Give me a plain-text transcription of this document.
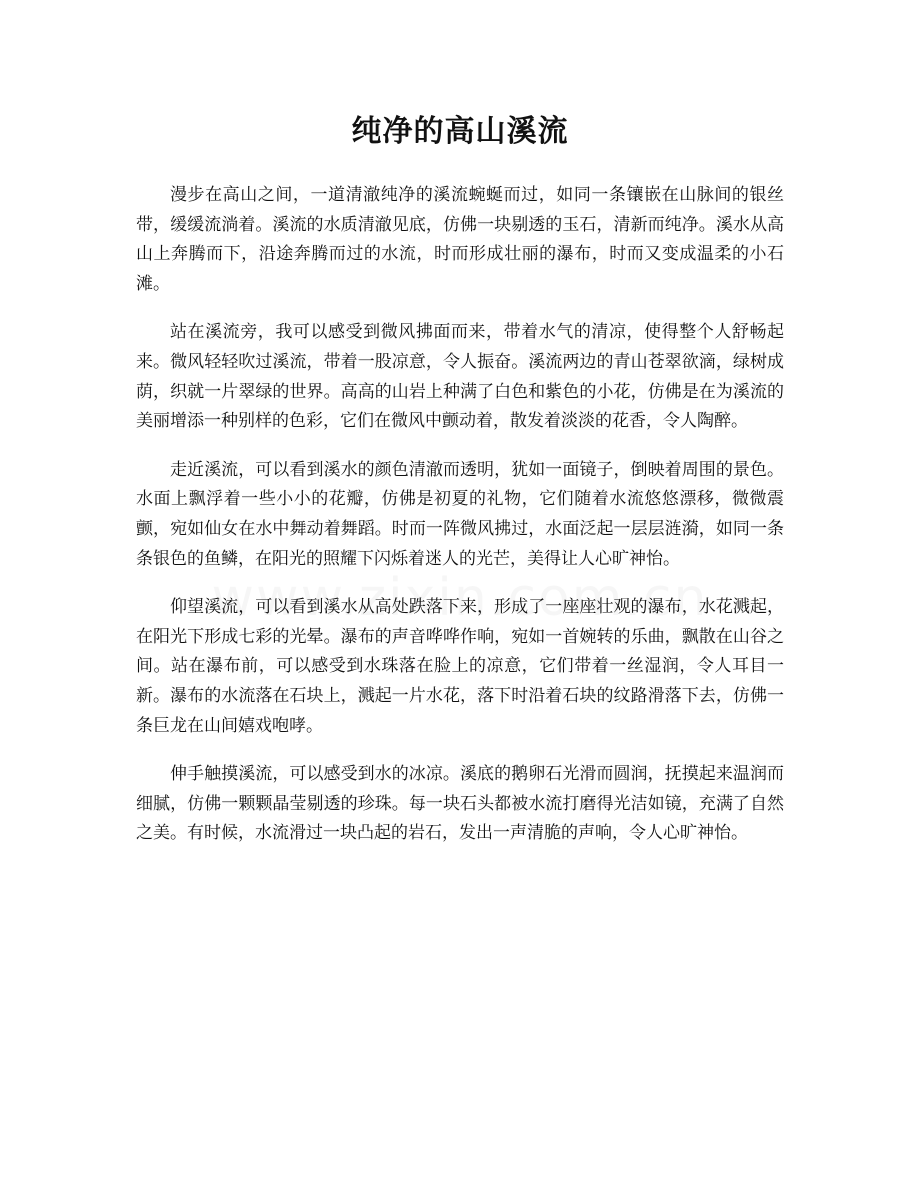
纯净的高山溪流

漫步在高山之间，一道清澈纯净的溪流蜿蜒而过，如同一条镶嵌在山脉间的银丝带，缓缓流淌着。溪流的水质清澈见底，仿佛一块剔透的玉石，清新而纯净。溪水从高山上奔腾而下，沿途奔腾而过的水流，时而形成壮丽的瀑布，时而又变成温柔的小石滩。

站在溪流旁，我可以感受到微风拂面而来，带着水气的清凉，使得整个人舒畅起来。微风轻轻吹过溪流，带着一股凉意，令人振奋。溪流两边的青山苍翠欲滴，绿树成荫，织就一片翠绿的世界。高高的山岩上种满了白色和紫色的小花，仿佛是在为溪流的美丽增添一种别样的色彩，它们在微风中颤动着，散发着淡淡的花香，令人陶醉。

走近溪流，可以看到溪水的颜色清澈而透明，犹如一面镜子，倒映着周围的景色。水面上飘浮着一些小小的花瓣，仿佛是初夏的礼物，它们随着水流悠悠漂移，微微震颤，宛如仙女在水中舞动着舞蹈。时而一阵微风拂过，水面泛起一层层涟漪，如同一条条银色的鱼鳞，在阳光的照耀下闪烁着迷人的光芒，美得让人心旷神怡。

仰望溪流，可以看到溪水从高处跌落下来，形成了一座座壮观的瀑布，水花溅起，在阳光下形成七彩的光晕。瀑布的声音哗哗作响，宛如一首婉转的乐曲，飘散在山谷之间。站在瀑布前，可以感受到水珠落在脸上的凉意，它们带着一丝湿润，令人耳目一新。瀑布的水流落在石块上，溅起一片水花，落下时沿着石块的纹路滑落下去，仿佛一条巨龙在山间嬉戏咆哮。

伸手触摸溪流，可以感受到水的冰凉。溪底的鹅卵石光滑而圆润，抚摸起来温润而细腻，仿佛一颗颗晶莹剔透的珍珠。每一块石头都被水流打磨得光洁如镜，充满了自然之美。有时候，水流滑过一块凸起的岩石，发出一声清脆的声响，令人心旷神怡。
